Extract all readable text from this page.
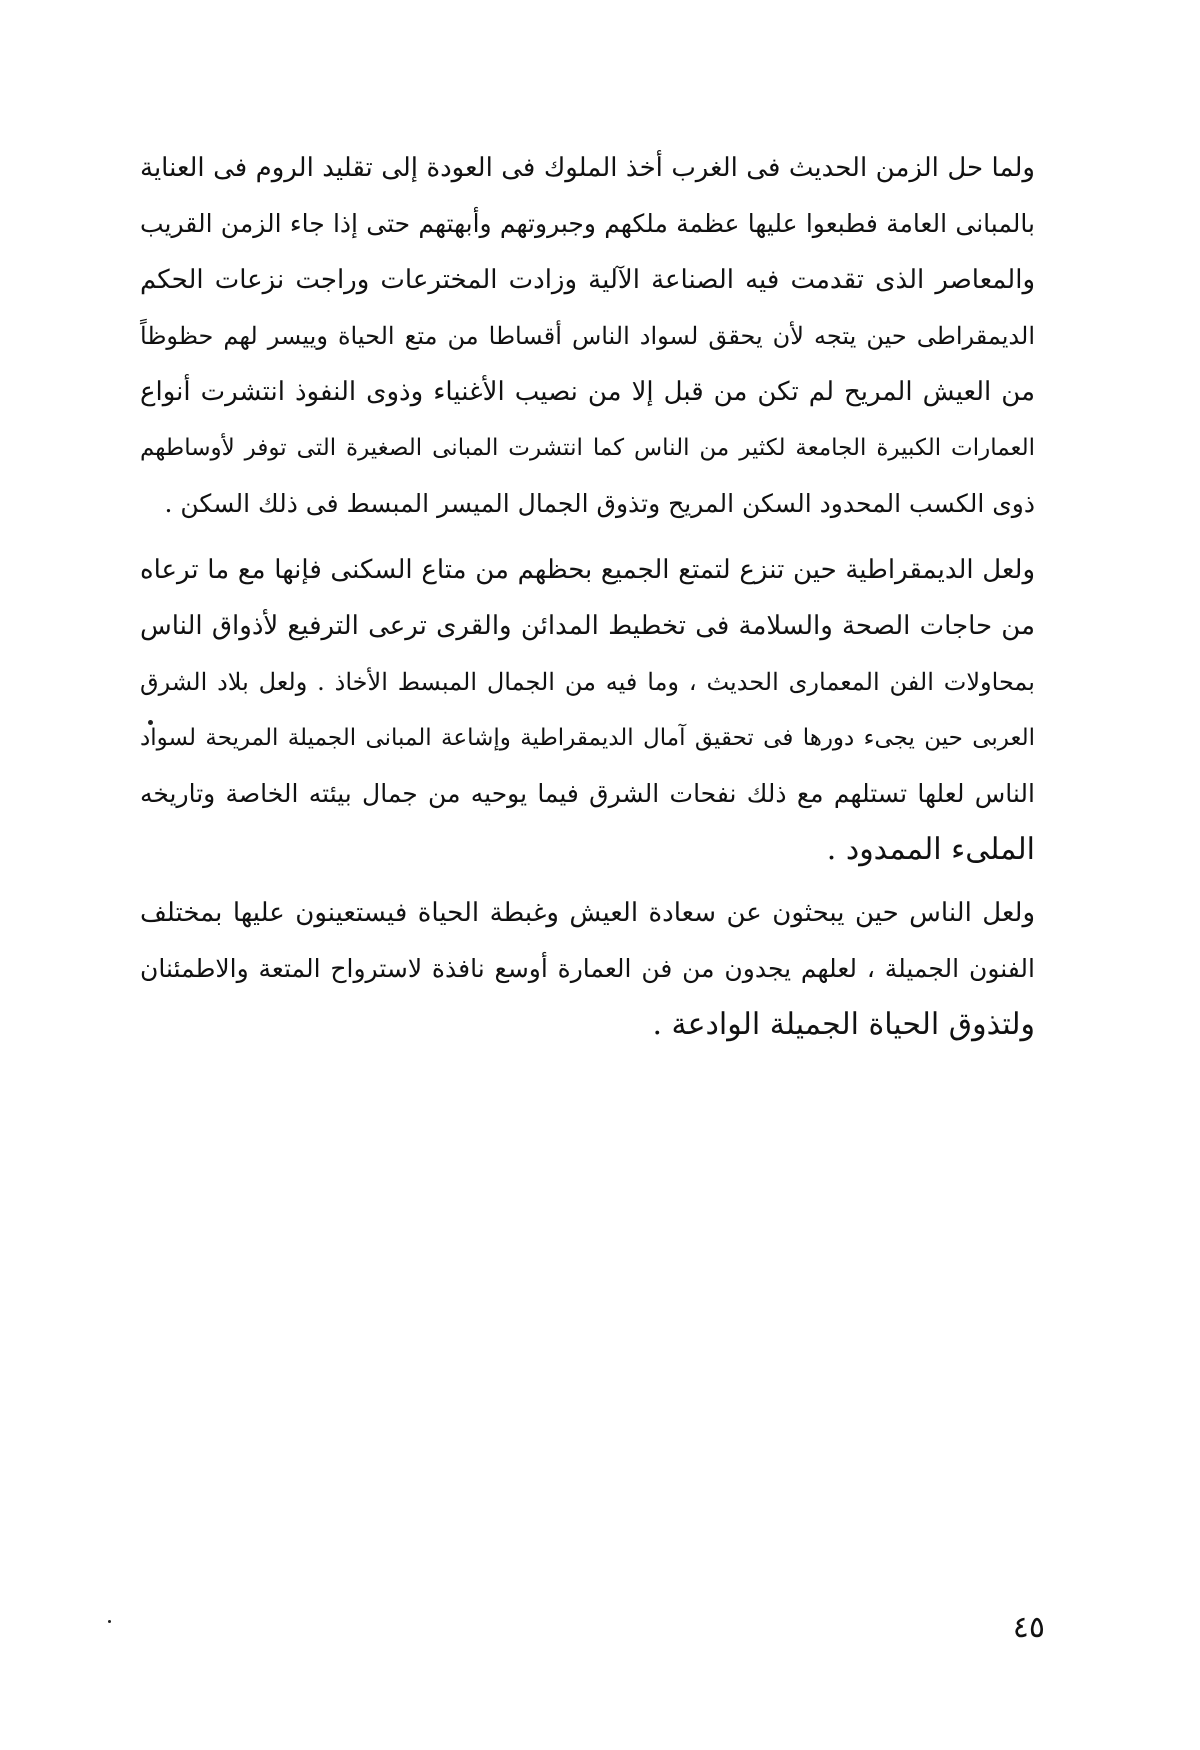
ولما حل الزمن الحديث فى الغرب أخذ الملوك فى العودة إلى تقليد الروم فى العناية
بالمبانى العامة فطبعوا عليها عظمة ملكهم وجبروتهم وأبهتهم حتى إذا جاء الزمن القريب
والمعاصر الذى تقدمت فيه الصناعة الآلية وزادت المخترعات وراجت نزعات الحكم
الديمقراطى حين يتجه لأن يحقق لسواد الناس أقساطا من متع الحياة وييسر لهم حظوظاً
من العيش المريح لم تكن من قبل إلا من نصيب الأغنياء وذوى النفوذ انتشرت أنواع
العمارات الكبيرة الجامعة لكثير من الناس كما انتشرت المبانى الصغيرة التى توفر لأوساطهم
ذوى الكسب المحدود السكن المريح وتذوق الجمال الميسر المبسط فى ذلك السكن .

ولعل الديمقراطية حين تنزع لتمتع الجميع بحظهم من متاع السكنى فإنها مع ما ترعاه
من حاجات الصحة والسلامة فى تخطيط المدائن والقرى ترعى الترفيع لأذواق الناس
بمحاولات الفن المعمارى الحديث ، وما فيه من الجمال المبسط الأخاذ . ولعل بلاد الشرق
العربى حين يجىء دورها فى تحقيق آمال الديمقراطية وإشاعة المبانى الجميلة المريحة لسواد
الناس لعلها تستلهم مع ذلك نفحات الشرق فيما يوحيه من جمال بيئته الخاصة وتاريخه
الملىء الممدود .

ولعل الناس حين يبحثون عن سعادة العيش وغبطة الحياة فيستعينون عليها بمختلف
الفنون الجميلة ، لعلهم يجدون من فن العمارة أوسع نافذة لاسترواح المتعة والاطمئنان
ولتذوق الحياة الجميلة الوادعة .

٤٥
